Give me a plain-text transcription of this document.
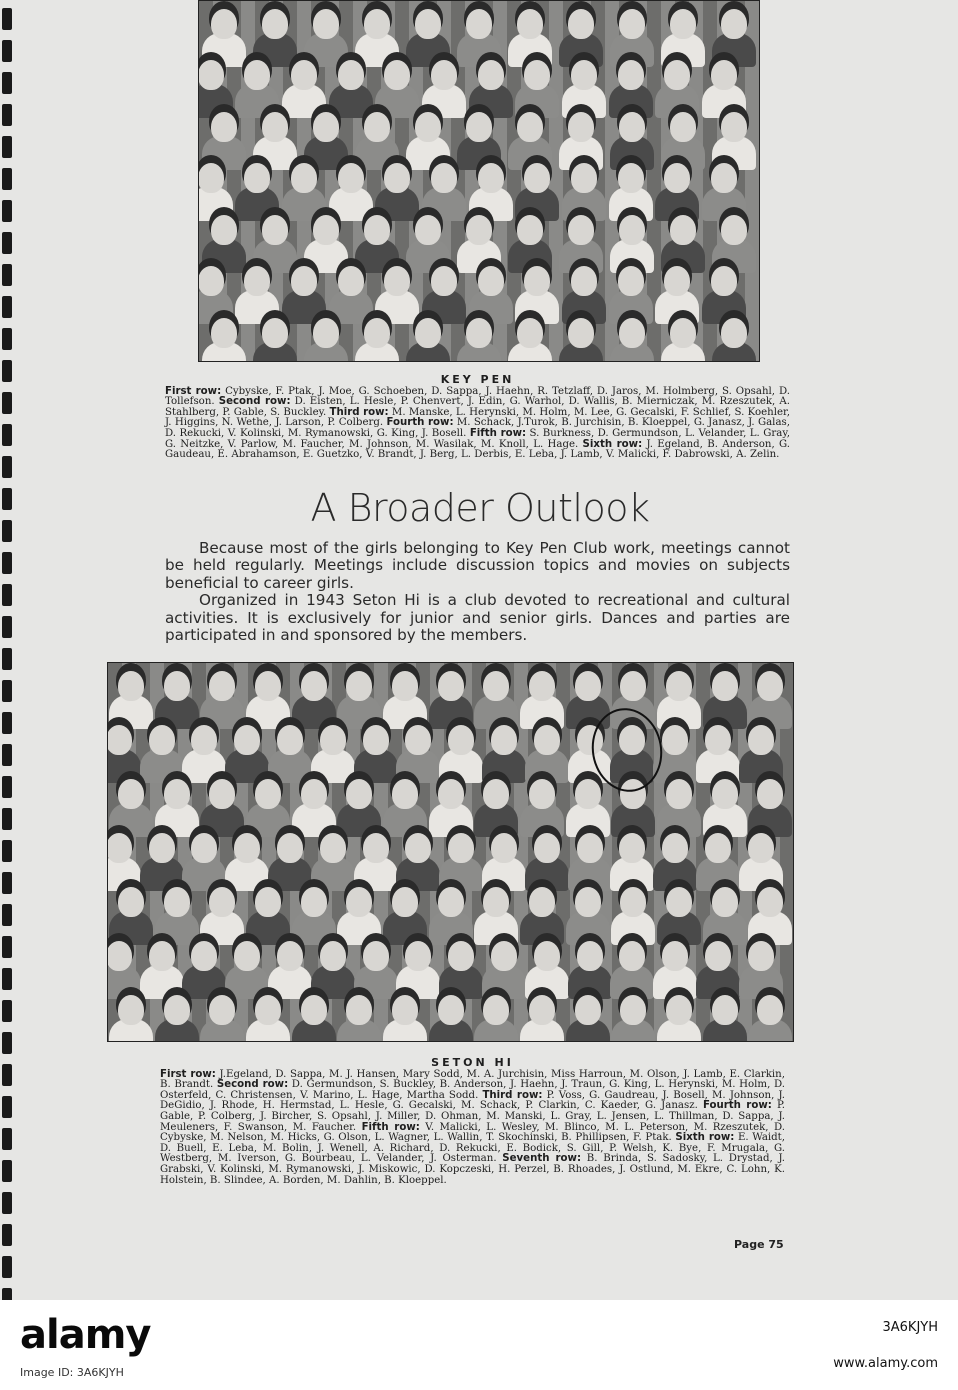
KEY PEN
First row: Cybyske, F. Ptak, J. Moe, G. Schoeben, D. Sappa, J. Haehn, R. Tetzlaff, D. Jaros, M. Holmberg, S. Opsahl, D. Tollefson. Second row: D. Eisten, L. Hesle, P. Chenvert, J. Edin, G. Warhol, D. Wallis, B. Mierniczak, M. Rzeszutek, A. Stahlberg, P. Gable, S. Buckley. Third row: M. Manske, L. Herynski, M. Holm, M. Lee, G. Gecalski, F. Schlief, S. Koehler, J. Higgins, N. Wethe, J. Larson, P. Colberg. Fourth row: M. Schack, J.Turok, B. Jurchisin, B. Kloeppel, G. Janasz, J. Galas, D. Rekucki, V. Kolinski, M. Rymanowski, G. King, J. Bosell. Fifth row: S. Burkness, D. Germundson, L. Velander, L. Gray, G. Neitzke, V. Parlow, M. Faucher, M. Johnson, M. Wasilak, M. Knoll, L. Hage. Sixth row: J. Egeland, B. Anderson, G. Gaudeau, E. Abrahamson, E. Guetzko, V. Brandt, J. Berg, L. Derbis, E. Leba, J. Lamb, V. Malicki, F. Dabrowski, A. Zelin.
A Broader Outlook

Because most of the girls belonging to Key Pen Club work, meetings cannot be held regularly. Meetings include discussion topics and movies on subjects beneficial to career girls.

Organized in 1943 Seton Hi is a club devoted to recreational and cultural activities. It is exclusively for junior and senior girls. Dances and parties are participated in and sponsored by the members.

SETON HI
First row: J.Egeland, D. Sappa, M. J. Hansen, Mary Sodd, M. A. Jurchisin, Miss Harroun, M. Olson, J. Lamb, E. Clarkin, B. Brandt. Second row: D. Germundson, S. Buckley, B. Anderson, J. Haehn, J. Traun, G. King, L. Herynski, M. Holm, D. Osterfeld, C. Christensen, V. Marino, L. Hage, Martha Sodd. Third row: P. Voss, G. Gaudreau, J. Bosell, M. Johnson, J. DeGidio, J. Rhode, H. Hermstad, L. Hesle, G. Gecalski, M. Schack, P. Clarkin, C. Kaeder, G. Janasz. Fourth row: P. Gable, P. Colberg, J. Bircher, S. Opsahl, J. Miller, D. Ohman, M. Manski, L. Gray, L. Jensen, L. Thillman, D. Sappa, J. Meuleners, F. Swanson, M. Faucher. Fifth row: V. Malicki, L. Wesley, M. Blinco, M. L. Peterson, M. Rzeszutek, D. Cybyske, M. Nelson, M. Hicks, G. Olson, L. Wagner, L. Wallin, T. Skochinski, B. Phillipsen, F. Ptak. Sixth row: E. Waidt, D. Buell, E. Leba, M. Bolin, J. Wenell, A. Richard, D. Rekucki, E. Bodick, S. Gill, P. Welsh, K. Bye, F. Mrugala, G. Westberg, M. Iverson, G. Bourbeau, L. Velander, J. Osterman. Seventh row: B. Brinda, S. Sadosky, L. Drystad, J. Grabski, V. Kolinski, M. Rymanowski, J. Miskowic, D. Kopczeski, H. Perzel, B. Rhoades, J. Ostlund, M. Ekre, C. Lohn, K. Holstein, B. Slindee, A. Borden, M. Dahlin, B. Kloeppel.
Page 75
alamy
Image ID: 3A6KJYH
3A6KJYH
www.alamy.com
